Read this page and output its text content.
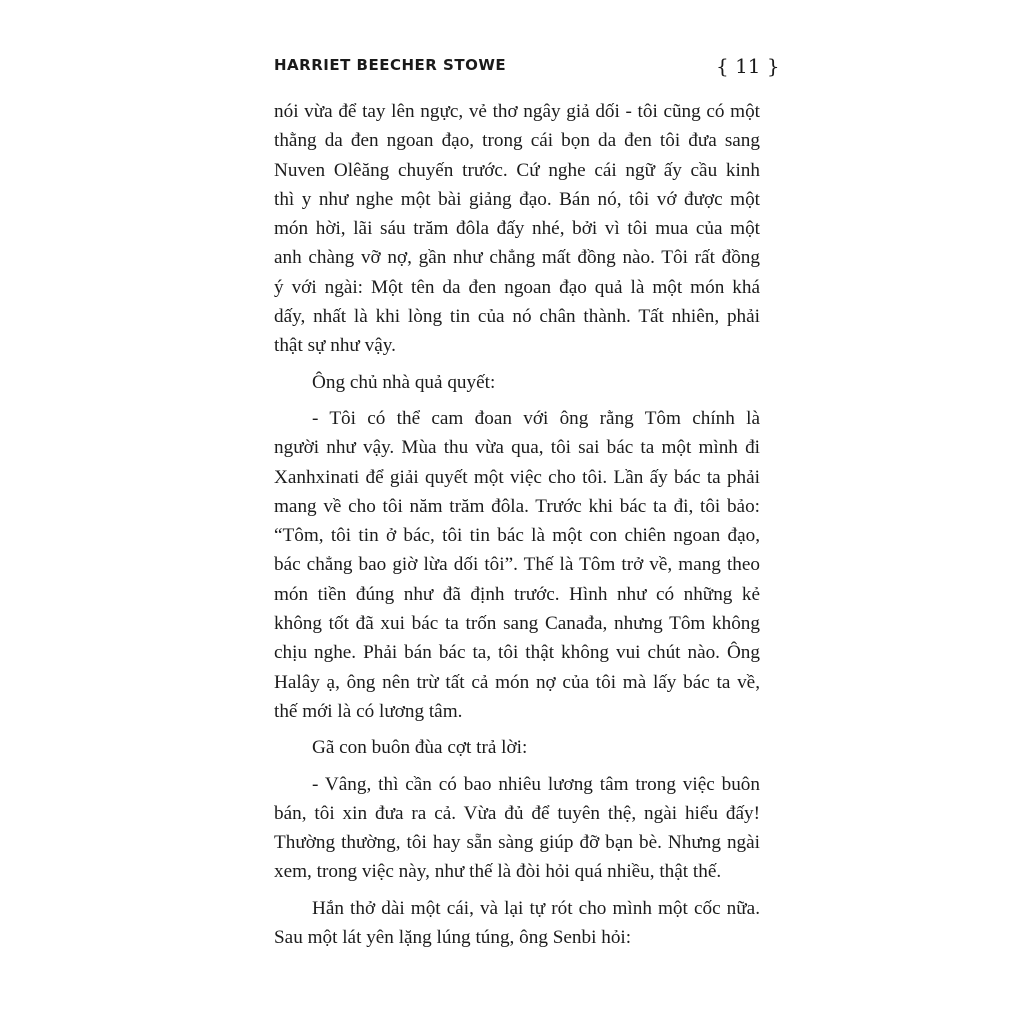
HARRIET BEECHER STOWE	{ 11 }
nói vừa để tay lên ngực, vẻ thơ ngây giả dối - tôi cũng có một
thằng da đen ngoan đạo, trong cái bọn da đen tôi đưa sang
Nuven Olêăng chuyến trước. Cứ nghe cái ngữ ấy cầu kinh
thì y như nghe một bài giảng đạo. Bán nó, tôi vớ được một
món hời, lãi sáu trăm đôla đấy nhé, bởi vì tôi mua của một
anh chàng vỡ nợ, gần như chẳng mất đồng nào. Tôi rất đồng
ý với ngài: Một tên da đen ngoan đạo quả là một món khá
dấy, nhất là khi lòng tin của nó chân thành. Tất nhiên, phải
thật sự như vậy.
Ông chủ nhà quả quyết:
- Tôi có thể cam đoan với ông rằng Tôm chính là
người như vậy. Mùa thu vừa qua, tôi sai bác ta một mình đi
Xanhxinati để giải quyết một việc cho tôi. Lần ấy bác ta phải
mang về cho tôi năm trăm đôla. Trước khi bác ta đi, tôi bảo:
“Tôm, tôi tin ở bác, tôi tin bác là một con chiên ngoan đạo,
bác chẳng bao giờ lừa dối tôi”. Thế là Tôm trở về, mang theo
món tiền đúng như đã định trước. Hình như có những kẻ
không tốt đã xui bác ta trốn sang Canađa, nhưng Tôm không
chịu nghe. Phải bán bác ta, tôi thật không vui chút nào. Ông
Halây ạ, ông nên trừ tất cả món nợ của tôi mà lấy bác ta về,
thế mới là có lương tâm.
Gã con buôn đùa cợt trả lời:
- Vâng, thì cần có bao nhiêu lương tâm trong việc buôn
bán, tôi xin đưa ra cả. Vừa đủ để tuyên thệ, ngài hiểu đấy!
Thường thường, tôi hay sẵn sàng giúp đỡ bạn bè. Nhưng ngài
xem, trong việc này, như thế là đòi hỏi quá nhiều, thật thế.
Hắn thở dài một cái, và lại tự rót cho mình một cốc nữa.
Sau một lát yên lặng lúng túng, ông Senbi hỏi:
